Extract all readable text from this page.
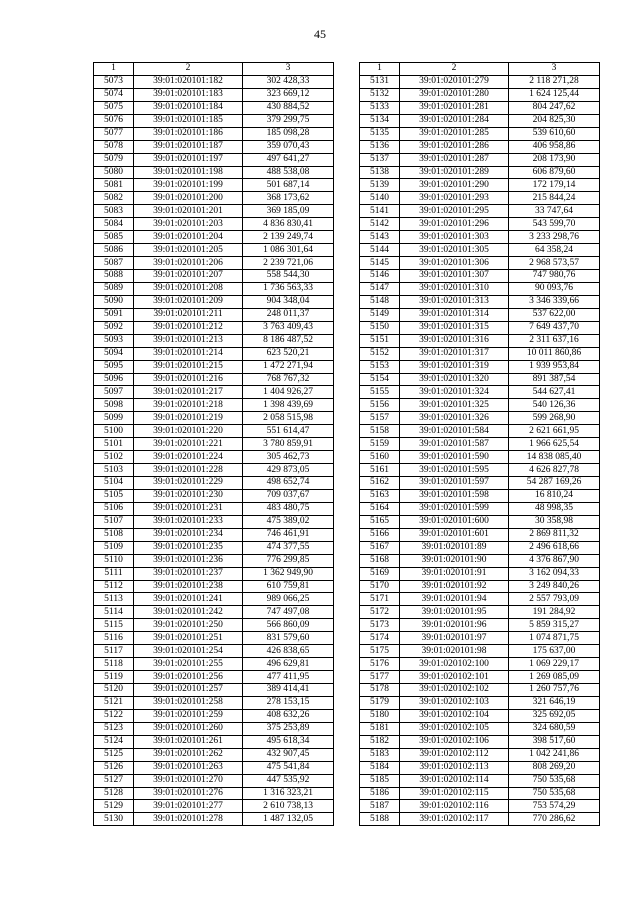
45
1	2	3
5073	39:01:020101:182	302 428,33
5074	39:01:020101:183	323 669,12
5075	39:01:020101:184	430 884,52
5076	39:01:020101:185	379 299,75
5077	39:01:020101:186	185 098,28
5078	39:01:020101:187	359 070,43
5079	39:01:020101:197	497 641,27
5080	39:01:020101:198	488 538,08
5081	39:01:020101:199	501 687,14
5082	39:01:020101:200	368 173,62
5083	39:01:020101:201	369 185,09
5084	39:01:020101:203	4 836 830,41
5085	39:01:020101:204	2 139 249,74
5086	39:01:020101:205	1 086 301,64
5087	39:01:020101:206	2 239 721,06
5088	39:01:020101:207	558 544,30
5089	39:01:020101:208	1 736 563,33
5090	39:01:020101:209	904 348,04
5091	39:01:020101:211	248 011,37
5092	39:01:020101:212	3 763 409,43
5093	39:01:020101:213	8 186 487,52
5094	39:01:020101:214	623 520,21
5095	39:01:020101:215	1 472 271,94
5096	39:01:020101:216	768 767,32
5097	39:01:020101:217	1 404 926,27
5098	39:01:020101:218	1 398 439,69
5099	39:01:020101:219	2 058 515,98
5100	39:01:020101:220	551 614,47
5101	39:01:020101:221	3 780 859,91
5102	39:01:020101:224	305 462,73
5103	39:01:020101:228	429 873,05
5104	39:01:020101:229	498 652,74
5105	39:01:020101:230	709 037,67
5106	39:01:020101:231	483 480,75
5107	39:01:020101:233	475 389,02
5108	39:01:020101:234	746 461,91
5109	39:01:020101:235	474 377,55
5110	39:01:020101:236	776 299,85
5111	39:01:020101:237	1 362 949,90
5112	39:01:020101:238	610 759,81
5113	39:01:020101:241	989 066,25
5114	39:01:020101:242	747 497,08
5115	39:01:020101:250	566 860,09
5116	39:01:020101:251	831 579,60
5117	39:01:020101:254	426 838,65
5118	39:01:020101:255	496 629,81
5119	39:01:020101:256	477 411,95
5120	39:01:020101:257	389 414,41
5121	39:01:020101:258	278 153,15
5122	39:01:020101:259	408 632,26
5123	39:01:020101:260	375 253,89
5124	39:01:020101:261	495 618,34
5125	39:01:020101:262	432 907,45
5126	39:01:020101:263	475 541,84
5127	39:01:020101:270	447 535,92
5128	39:01:020101:276	1 316 323,21
5129	39:01:020101:277	2 610 738,13
5130	39:01:020101:278	1 487 132,05
1	2	3
5131	39:01:020101:279	2 118 271,28
5132	39:01:020101:280	1 624 125,44
5133	39:01:020101:281	804 247,62
5134	39:01:020101:284	204 825,30
5135	39:01:020101:285	539 610,60
5136	39:01:020101:286	406 958,86
5137	39:01:020101:287	208 173,90
5138	39:01:020101:289	606 879,60
5139	39:01:020101:290	172 179,14
5140	39:01:020101:293	215 844,24
5141	39:01:020101:295	33 747,64
5142	39:01:020101:296	543 599,70
5143	39:01:020101:303	3 233 298,76
5144	39:01:020101:305	64 358,24
5145	39:01:020101:306	2 968 573,57
5146	39:01:020101:307	747 980,76
5147	39:01:020101:310	90 093,76
5148	39:01:020101:313	3 346 339,66
5149	39:01:020101:314	537 622,00
5150	39:01:020101:315	7 649 437,70
5151	39:01:020101:316	2 311 637,16
5152	39:01:020101:317	10 011 860,86
5153	39:01:020101:319	1 939 953,84
5154	39:01:020101:320	891 387,54
5155	39:01:020101:324	544 627,41
5156	39:01:020101:325	540 126,36
5157	39:01:020101:326	599 268,90
5158	39:01:020101:584	2 621 661,95
5159	39:01:020101:587	1 966 625,54
5160	39:01:020101:590	14 838 085,40
5161	39:01:020101:595	4 626 827,78
5162	39:01:020101:597	54 287 169,26
5163	39:01:020101:598	16 810,24
5164	39:01:020101:599	48 998,35
5165	39:01:020101:600	30 358,98
5166	39:01:020101:601	2 869 811,32
5167	39:01:020101:89	2 496 618,66
5168	39:01:020101:90	4 376 867,90
5169	39:01:020101:91	3 162 094,33
5170	39:01:020101:92	3 249 840,26
5171	39:01:020101:94	2 557 793,09
5172	39:01:020101:95	191 284,92
5173	39:01:020101:96	5 859 315,27
5174	39:01:020101:97	1 074 871,75
5175	39:01:020101:98	175 637,00
5176	39:01:020102:100	1 069 229,17
5177	39:01:020102:101	1 269 085,09
5178	39:01:020102:102	1 260 757,76
5179	39:01:020102:103	321 646,19
5180	39:01:020102:104	325 692,05
5181	39:01:020102:105	324 680,59
5182	39:01:020102:106	398 517,60
5183	39:01:020102:112	1 042 241,86
5184	39:01:020102:113	808 269,20
5185	39:01:020102:114	750 535,68
5186	39:01:020102:115	750 535,68
5187	39:01:020102:116	753 574,29
5188	39:01:020102:117	770 286,62
